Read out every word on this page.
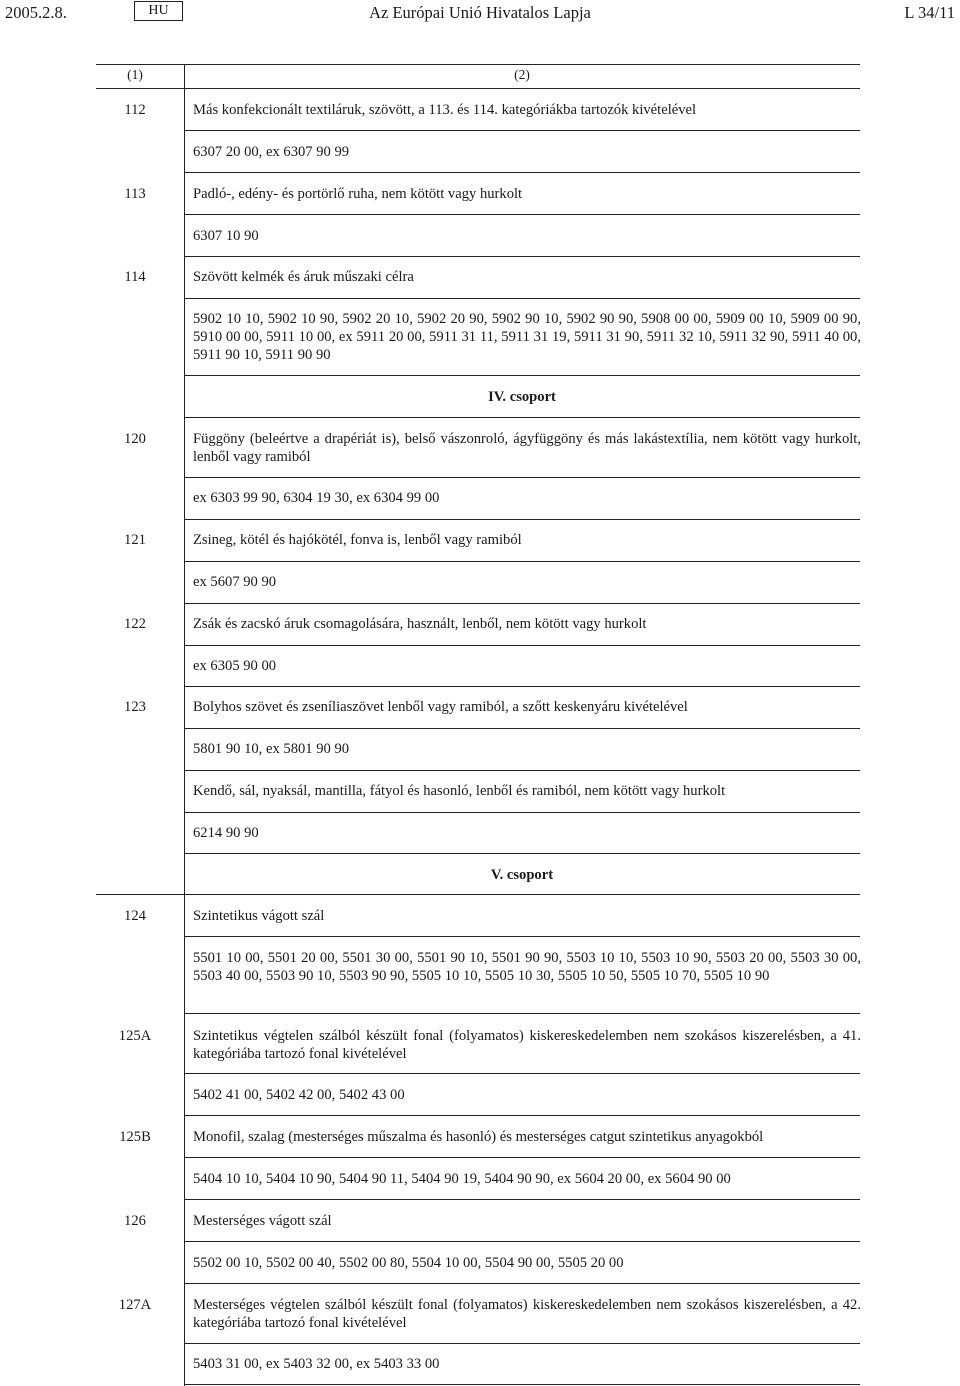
2005.2.8.	HU	Az Európai Unió Hivatalos Lapja	L 34/11
(1)	(2)
112	Más konfekcionált textiláruk, szövött, a 113. és 114. kategóriákba tartozók kivételével
6307 20 00, ex 6307 90 99
113	Padló-, edény- és portörlő ruha, nem kötött vagy hurkolt
6307 10 90
114	Szövött kelmék és áruk műszaki célra
5902 10 10, 5902 10 90, 5902 20 10, 5902 20 90, 5902 90 10, 5902 90 90, 5908 00 00, 5909 00 10, 5909 00 90, 5910 00 00, 5911 10 00, ex 5911 20 00, 5911 31 11, 5911 31 19, 5911 31 90, 5911 32 10, 5911 32 90, 5911 40 00, 5911 90 10, 5911 90 90
IV. csoport
120	Függöny (beleértve a drapériát is), belső vászonroló, ágyfüggöny és más lakástextília, nem kötött vagy hurkolt, lenből vagy ramiból
ex 6303 99 90, 6304 19 30, ex 6304 99 00
121	Zsineg, kötél és hajókötél, fonva is, lenből vagy ramiból
ex 5607 90 90
122	Zsák és zacskó áruk csomagolására, használt, lenből, nem kötött vagy hurkolt
ex 6305 90 00
123	Bolyhos szövet és zseníliaszövet lenből vagy ramiból, a szőtt keskenyáru kivételével
5801 90 10, ex 5801 90 90
Kendő, sál, nyaksál, mantilla, fátyol és hasonló, lenből és ramiból, nem kötött vagy hurkolt
6214 90 90
V. csoport
124	Szintetikus vágott szál
5501 10 00, 5501 20 00, 5501 30 00, 5501 90 10, 5501 90 90, 5503 10 10, 5503 10 90, 5503 20 00, 5503 30 00, 5503 40 00, 5503 90 10, 5503 90 90, 5505 10 10, 5505 10 30, 5505 10 50, 5505 10 70, 5505 10 90
125A	Szintetikus végtelen szálból készült fonal (folyamatos) kiskereskedelemben nem szokásos kiszerelésben, a 41. kategóriába tartozó fonal kivételével
5402 41 00, 5402 42 00, 5402 43 00
125B	Monofil, szalag (mesterséges műszalma és hasonló) és mesterséges catgut szintetikus anyagokból
5404 10 10, 5404 10 90, 5404 90 11, 5404 90 19, 5404 90 90, ex 5604 20 00, ex 5604 90 00
126	Mesterséges vágott szál
5502 00 10, 5502 00 40, 5502 00 80, 5504 10 00, 5504 90 00, 5505 20 00
127A	Mesterséges végtelen szálból készült fonal (folyamatos) kiskereskedelemben nem szokásos kiszerelésben, a 42. kategóriába tartozó fonal kivételével
5403 31 00, ex 5403 32 00, ex 5403 33 00
